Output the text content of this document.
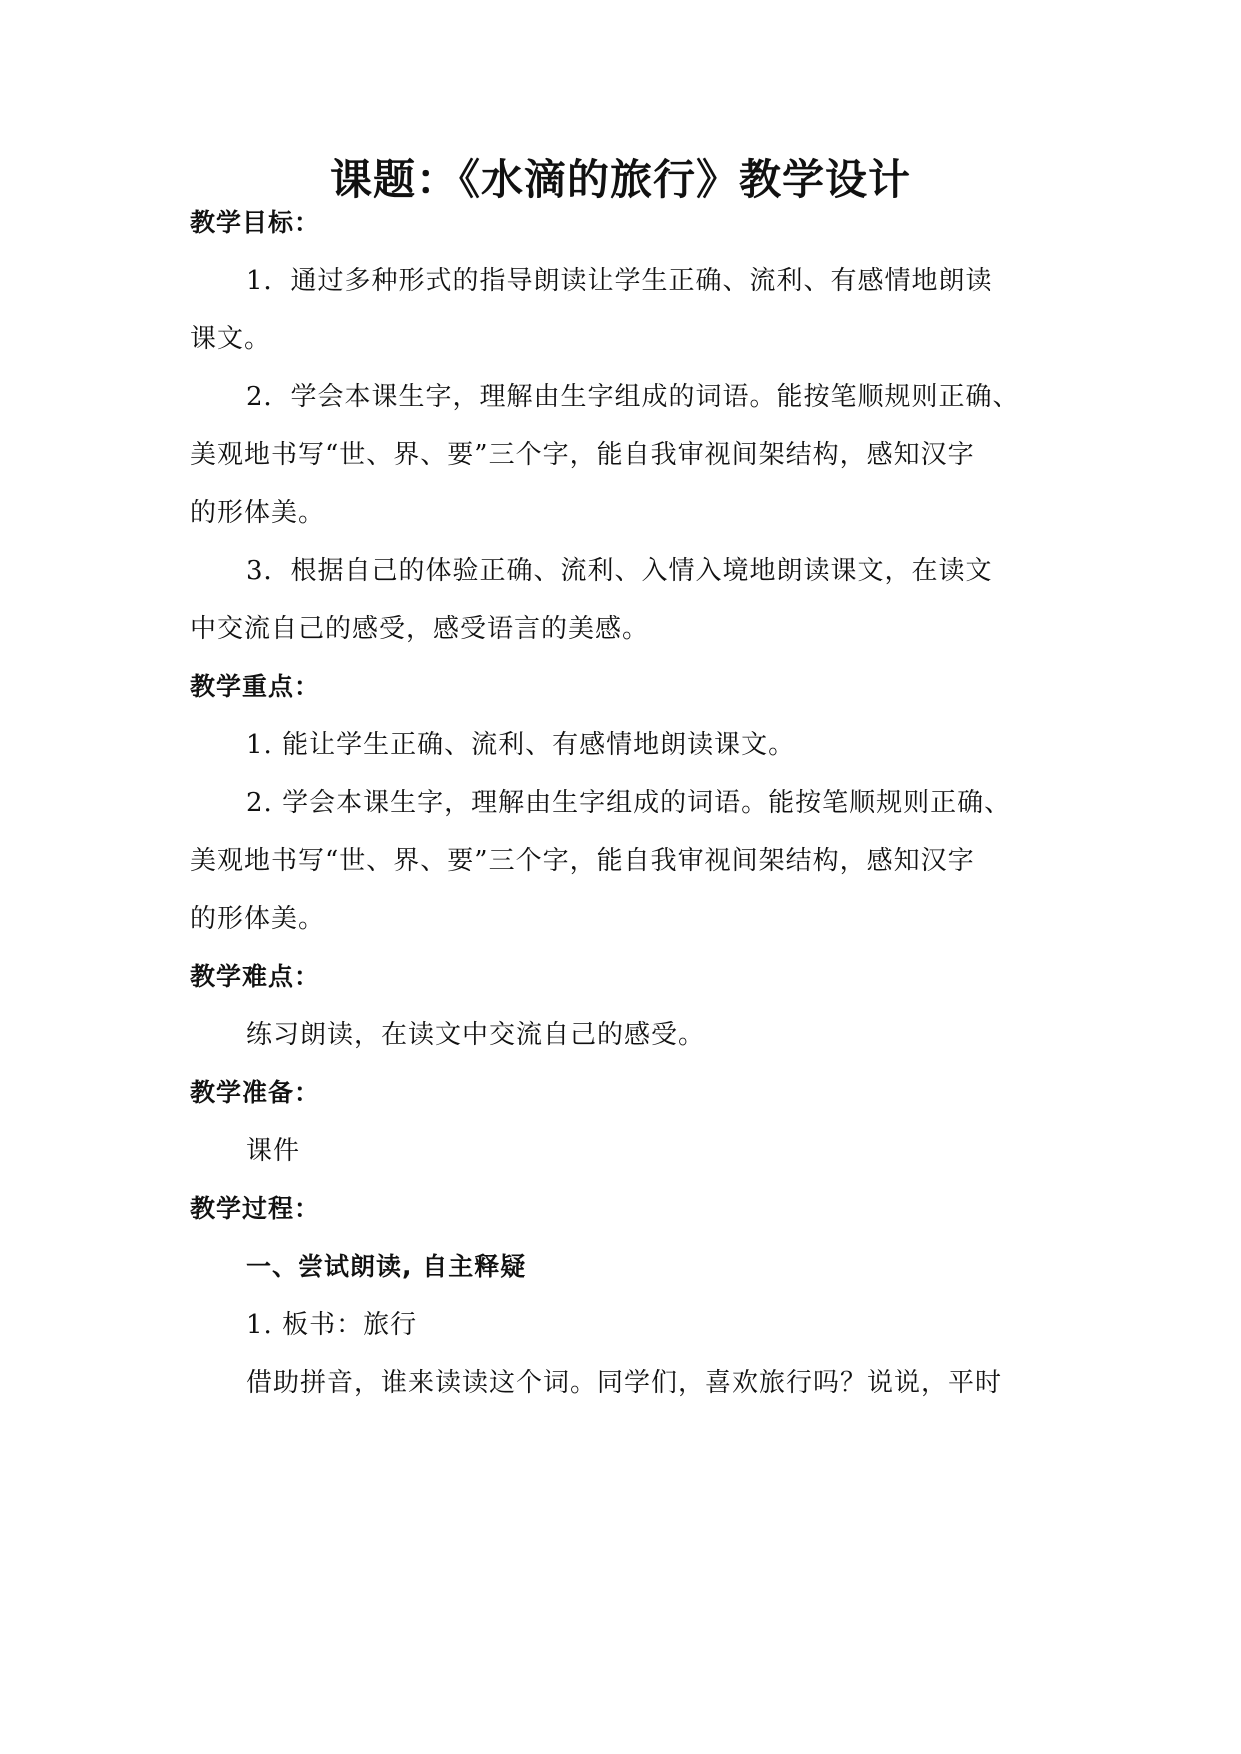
课题：《水滴的旅行》教学设计
教学目标：
1．通过多种形式的指导朗读让学生正确、流利、有感情地朗读
课文。
2．学会本课生字，理解由生字组成的词语。能按笔顺规则正确、
美观地书写“世、界、要”三个字，能自我审视间架结构，感知汉字
的形体美。
3．根据自己的体验正确、流利、入情入境地朗读课文，在读文
中交流自己的感受，感受语言的美感。
教学重点：
1. 能让学生正确、流利、有感情地朗读课文。
2. 学会本课生字，理解由生字组成的词语。能按笔顺规则正确、
美观地书写“世、界、要”三个字，能自我审视间架结构，感知汉字
的形体美。
教学难点：
练习朗读，在读文中交流自己的感受。
教学准备：
课件
教学过程：
一、尝试朗读, 自主释疑
1. 板书：旅行
借助拼音，谁来读读这个词。同学们，喜欢旅行吗？说说，平时
